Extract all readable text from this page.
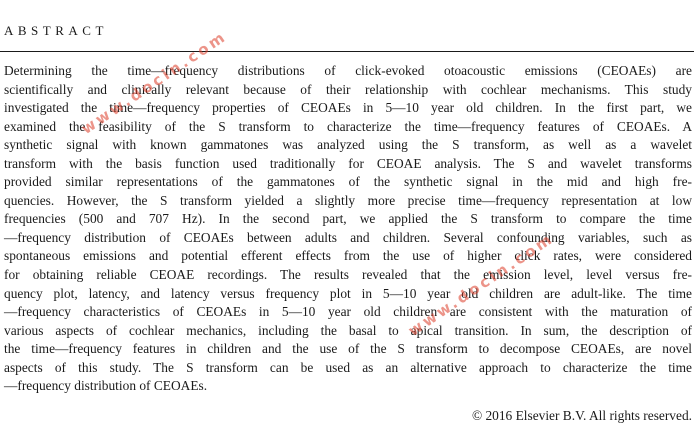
ABSTRACT
Determining the time—frequency distributions of click-evoked otoacoustic emissions (CEOAEs) are
scientifically and clinically relevant because of their relationship with cochlear mechanisms. This study
investigated the time—frequency properties of CEOAEs in 5—10 year old children. In the first part, we
examined the feasibility of the S transform to characterize the time—frequency features of CEOAEs. A
synthetic signal with known gammatones was analyzed using the S transform, as well as a wavelet
transform with the basis function used traditionally for CEOAE analysis. The S and wavelet transforms
provided similar representations of the gammatones of the synthetic signal in the mid and high fre-
quencies. However, the S transform yielded a slightly more precise time—frequency representation at low
frequencies (500 and 707 Hz). In the second part, we applied the S transform to compare the time
—frequency distribution of CEOAEs between adults and children. Several confounding variables, such as
spontaneous emissions and potential efferent effects from the use of higher click rates, were considered
for obtaining reliable CEOAE recordings. The results revealed that the emission level, level versus fre-
quency plot, latency, and latency versus frequency plot in 5—10 year old children are adult-like. The time
—frequency characteristics of CEOAEs in 5—10 year old children are consistent with the maturation of
various aspects of cochlear mechanics, including the basal to apical transition. In sum, the description of
the time—frequency features in children and the use of the S transform to decompose CEOAEs, are novel
aspects of this study. The S transform can be used as an alternative approach to characterize the time
—frequency distribution of CEOAEs.
© 2016 Elsevier B.V. All rights reserved.
www.docin.com
www.docin.com
